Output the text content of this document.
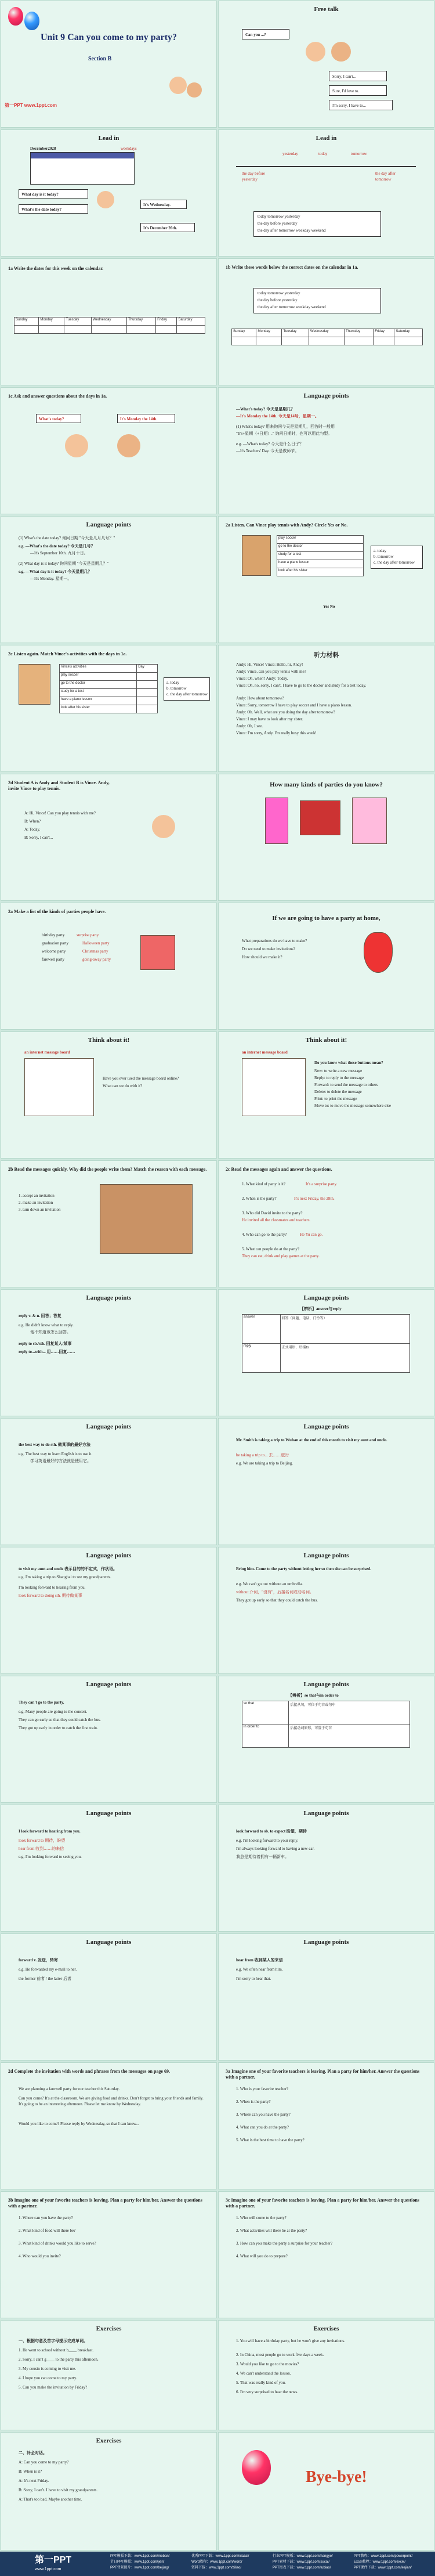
Unit 9 Can you come to my party?
Section B
第一PPT www.1ppt.com
Free talk
Can you ...?
Sorry, I can't...
Sure, I'd love to.
I'm sorry, I have to...
Lead in
December2028	weekdays
What day is it today?
What's the date today?
It's Wednesday.
It's December 26th.
Lead in
yesterday	today	tomorrow
the day before
yesterday
the day after
tomorrow
today tomorrow yesterday
the day before yesterday
the day after tomorrow weekday weekend
1a Write the dates for this week on the calendar.
Sunday	Monday	Tuesday	Wednesday	Thursday	Friday	Saturday

1b Write these words below the correct dates on the calendar in 1a.
today tomorrow yesterday
the day before yesterday
the day after tomorrow weekday weekend
Sunday	Monday	Tuesday	Wednesday	Thursday	Friday	Saturday

1c Ask and answer questions about the days in 1a.
What's today?	It's Monday the 14th.
Language points
—What's today? 今天是星期几？
—It's Monday the 14th. 今天是14号，星期一。
(1) What's today? 用来询问今天是星期几，回答时一般用
"It's+星期（+日期）." 询问日期时，也可以用此句型。
e.g. —What's today? 今天是什么日子？
—It's Teachers' Day. 今天是教师节。
Language points
(1) What's the date today? 询问日期 "今天是几月几号？"
e.g. —What's the date today? 今天是几号？
—It's September 10th. 九月十日。
(2) What day is it today? 询问星期 "今天是星期几？"
e.g. —What day is it today? 今天星期几？
—It's Monday. 星期一。
2a Listen. Can Vince play tennis with Andy? Circle Yes or No.
play soccer
go to the doctor
study for a test
have a piano lesson
look after his sister
a. today
b. tomorrow
c. the day after tomorrow
Yes No
2c Listen again. Match Vince's activities with the days in 1a.
Vince's activities	Day
play soccer	
go to the doctor	
study for a test	
have a piano lesson	
look after his sister	
a. today
b. tomorrow
c. the day after tomorrow
听力材料
Andy: Hi, Vince! Vince: Hello, hi, Andy!
Andy: Vince, can you play tennis with me?
Vince: Oh, when? Andy: Today.
Vince: Oh, no, sorry, I can't. I have to go to the doctor and study for a test today.
Andy: How about tomorrow?
Vince: Sorry, tomorrow I have to play soccer and I have a piano lesson.
Andy: Oh. Well, what are you doing the day after tomorrow?
Vince: I may have to look after my sister.
Andy: Oh, I see.
Vince: I'm sorry, Andy. I'm really busy this week!
2d Student A is Andy and Student B is Vince. Andy, invite Vince to play tennis.
A: Hi, Vince! Can you play tennis with me?
B: When?
A: Today.
B: Sorry, I can't...
How many kinds of parties do you know?
2a Make a list of the kinds of parties people have.
birthday party	surprise party
graduation party	Halloween party
welcome party	Christmas party
farewell party	going-away party
If we are going to have a party at home,
What preparations do we have to make?
Do we need to make invitations?
How should we make it?
Think about it!
an internet message board
Have you ever used the message board online?
What can we do with it?
Think about it!
an internet message board
Do you know what these buttons mean?
New: to write a new message
Reply: to reply to the message
Forward: to send the message to others
Delete: to delete the message
Print: to print the message
Move to: to move the message somewhere else
2b Read the messages quickly. Why did the people write them? Match the reason with each message.
1. accept an invitation
2. make an invitation
3. turn down an invitation
2c Read the messages again and answer the questions.
1. What kind of party is it?	It's a surprise party.
2. When is the party?	It's next Friday, the 28th.
3. Who did David invite to the party?
He invited all the classmates and teachers.
4. Who can go to the party?	He Yu can go.
5. What can people do at the party?
They can eat, drink and play games at the party.
Language points
reply v. & n. 回答；答复
e.g. He didn't know what to reply.
他不知道该怎么回答。
reply to sb./sth. 回复某人/某事
reply to...with... 用……回复……
Language points
【辨析】answer与reply
answer	回答（问题、电话、门铃等）
reply	正式用语，后接to
Language points
the best way to do sth. 做某事的最好方法
e.g. The best way to learn English is to use it.
学习英语最好的方法就是使用它。
Language points
Mr. Smith is taking a trip to Wuhan at the end of this month to visit my aunt and uncle.
be taking a trip to... 去……旅行
e.g. We are taking a trip to Beijing.
Language points
to visit my aunt and uncle 表示目的的不定式，作状语。
e.g. I'm taking a trip to Shanghai to see my grandparents.
I'm looking forward to hearing from you.
look forward to doing sth. 期待做某事
Language points
Bring him. Come to the party without letting her so then she can be surprised.
e.g. We can't go out without an umbrella.
without 介词，"没有"，后接名词或动名词。
They got up early so that they could catch the bus.
Language points
They can't go to the party.
e.g. Many people are going to the concert.
They can go early so that they could catch the bus.
They got up early in order to catch the first train.
Language points
【辨析】so that与in order to
so that	后接从句，可位于句首或句中
in order to	后接动词原形，可置于句首
Language points
I look forward to hearing from you.
look forward to 期待，盼望
hear from 收到……的来信
e.g. I'm looking forward to seeing you.
Language points
look forward to sb. to expect 盼望，期待
e.g. I'm looking forward to your reply.
I'm always looking forward to having a new car.
我总是期待着拥有一辆新车。
Language points
forward v. 发送，转寄
e.g. He forwarded my e-mail to her.
the former 前者 / the latter 后者
Language points
hear from 收到某人的来信
e.g. We often hear from him.
I'm sorry to hear that.
2d Complete the invitation with words and phrases from the messages on page 69.
We are planning a farewell party for our teacher this Saturday.
Can you come? It's at the classroom. We are giving food and drinks. Don't forget to bring your friends and family. It's going to be an interesting afternoon. Please let me know by Wednesday.
Would you like to come? Please reply by Wednesday, so that I can know...
3a Imagine one of your favorite teachers is leaving. Plan a party for him/her. Answer the questions with a partner.
1. Who is your favorite teacher?
2. When is the party?
3. Where can you have the party?
4. What can you do at the party?
5. What is the best time to have the party?
3b Imagine one of your favorite teachers is leaving. Plan a party for him/her. Answer the questions with a partner.
1. Where can you have the party?
2. What kind of food will there be?
3. What kind of drinks would you like to serve?
4. Who would you invite?
3c Imagine one of your favorite teachers is leaving. Plan a party for him/her. Answer the questions with a partner.
1. Who will come to the party?
2. What activities will there be at the party?
3. How can you make the party a surprise for your teacher?
4. What will you do to prepare?
Exercises
一、根据句意及首字母提示完成单词。
1. He went to school without b____ breakfast.
2. Sorry, I can't g____ to the party this afternoon.
3. My cousin is coming to visit me.
4. I hope you can come to my party.
5. Can you make the invitation by Friday?
Exercises
1. You will have a birthday party, but he won't give any invitations.
2. In China, most people go to work five days a week.
3. Would you like to go to the movies?
4. We can't understand the lesson.
5. That was really kind of you.
6. I'm very surprised to hear the news.
Exercises
二、补全对话。
A: Can you come to my party?
B: When is it?
A: It's next Friday.
B: Sorry, I can't. I have to visit my grandparents.
A: That's too bad. Maybe another time.
Bye-bye!
第一PPT
www.1ppt.com
PPT模板下载：www.1ppt.com/moban/
节日PPT模板：www.1ppt.com/jieri/
PPT背景图片：www.1ppt.com/beijing/
优秀PPT下载：www.1ppt.com/xiazai/
Word教程：www.1ppt.com/word/
资料下载：www.1ppt.com/ziliao/
行业PPT模板：www.1ppt.com/hangye/
PPT素材下载：www.1ppt.com/sucai/
PPT图表下载：www.1ppt.com/tubiao/
PPT教程：www.1ppt.com/powerpoint/
Excel教程：www.1ppt.com/excel/
PPT课件下载：www.1ppt.com/kejian/
